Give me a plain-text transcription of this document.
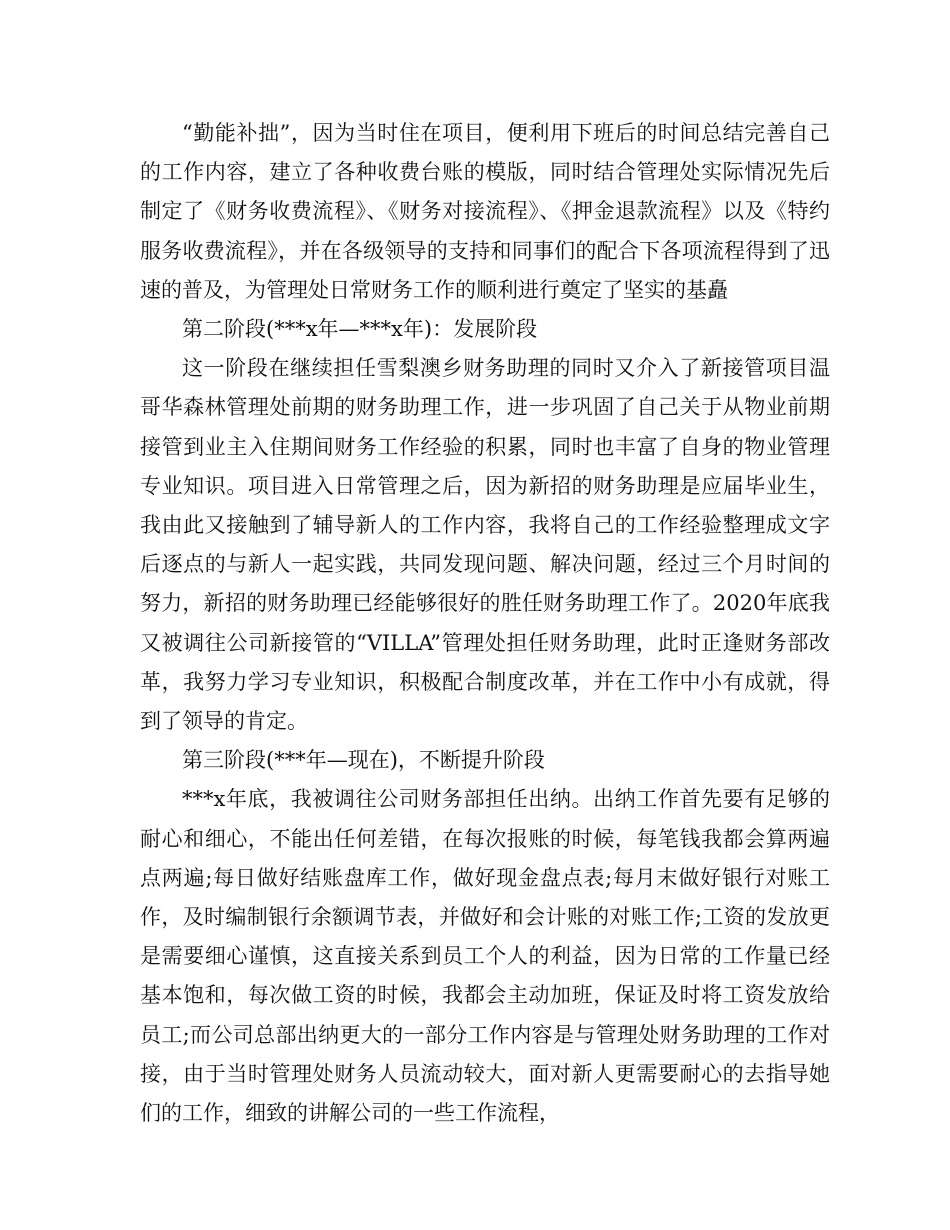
“勤能补拙”，因为当时住在项目，便利用下班后的时间总结完善自己的工作内容，建立了各种收费台账的模版，同时结合管理处实际情况先后制定了《财务收费流程》、《财务对接流程》、《押金退款流程》以及《特约服务收费流程》，并在各级领导的支持和同事们的配合下各项流程得到了迅速的普及，为管理处日常财务工作的顺利进行奠定了坚实的基矗

第二阶段(***x年—***x年)：发展阶段

这一阶段在继续担任雪梨澳乡财务助理的同时又介入了新接管项目温哥华森林管理处前期的财务助理工作，进一步巩固了自己关于从物业前期接管到业主入住期间财务工作经验的积累，同时也丰富了自身的物业管理专业知识。项目进入日常管理之后，因为新招的财务助理是应届毕业生，我由此又接触到了辅导新人的工作内容，我将自己的工作经验整理成文字后逐点的与新人一起实践，共同发现问题、解决问题，经过三个月时间的努力，新招的财务助理已经能够很好的胜任财务助理工作了。2020年底我又被调往公司新接管的“VILLA”管理处担任财务助理，此时正逢财务部改革，我努力学习专业知识，积极配合制度改革，并在工作中小有成就，得到了领导的肯定。

第三阶段(***年—现在)，不断提升阶段

***x年底，我被调往公司财务部担任出纳。出纳工作首先要有足够的耐心和细心，不能出任何差错，在每次报账的时候，每笔钱我都会算两遍点两遍;每日做好结账盘库工作，做好现金盘点表;每月末做好银行对账工作，及时编制银行余额调节表，并做好和会计账的对账工作;工资的发放更是需要细心谨慎，这直接关系到员工个人的利益，因为日常的工作量已经基本饱和，每次做工资的时候，我都会主动加班，保证及时将工资发放给员工;而公司总部出纳更大的一部分工作内容是与管理处财务助理的工作对接，由于当时管理处财务人员流动较大，面对新人更需要耐心的去指导她们的工作，细致的讲解公司的一些工作流程，
